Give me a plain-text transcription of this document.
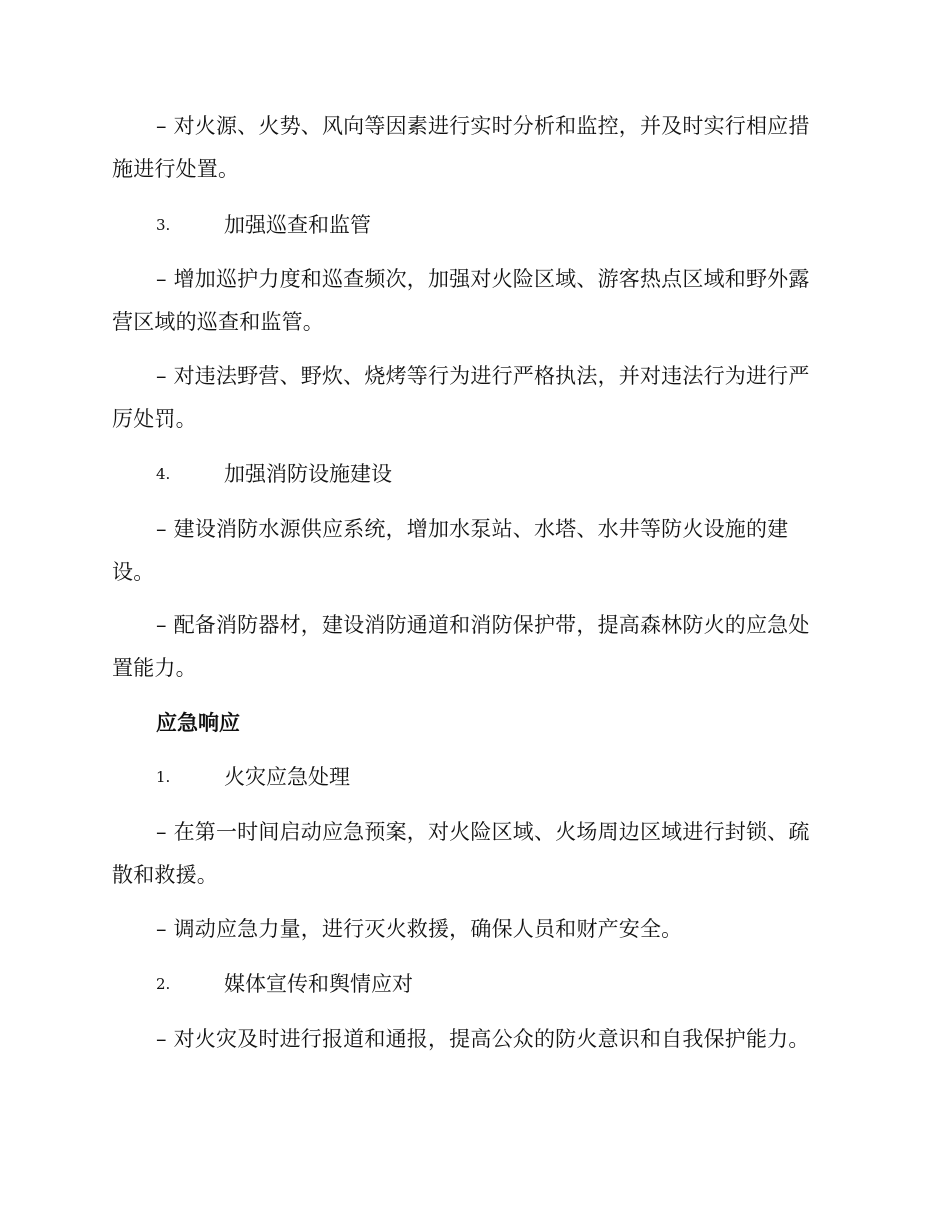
– 对火源、火势、风向等因素进行实时分析和监控，并及时实行相应措施进行处置。

3.	加强巡查和监管

– 增加巡护力度和巡查频次，加强对火险区域、游客热点区域和野外露营区域的巡查和监管。

– 对违法野营、野炊、烧烤等行为进行严格执法，并对违法行为进行严厉处罚。

4.	加强消防设施建设

– 建设消防水源供应系统，增加水泵站、水塔、水井等防火设施的建设。

– 配备消防器材，建设消防通道和消防保护带，提高森林防火的应急处置能力。

应急响应
1.	火灾应急处理

– 在第一时间启动应急预案，对火险区域、火场周边区域进行封锁、疏散和救援。

– 调动应急力量，进行灭火救援，确保人员和财产安全。

2.	媒体宣传和舆情应对

– 对火灾及时进行报道和通报，提高公众的防火意识和自我保护能力。
